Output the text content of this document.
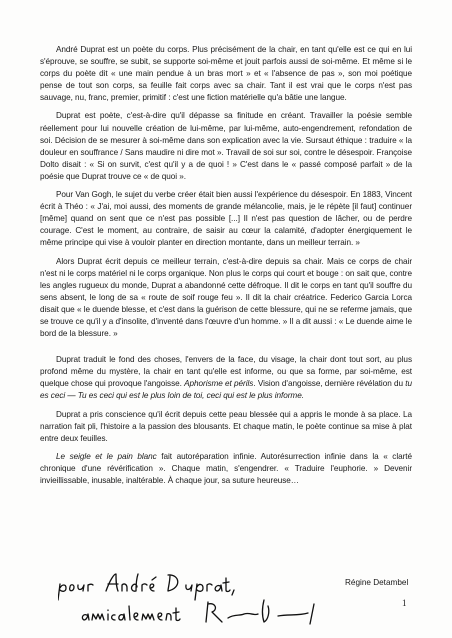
André Duprat est un poète du corps. Plus précisément de la chair, en tant qu'elle est ce qui en lui s'éprouve, se souffre, se subit, se supporte soi-même et jouit parfois aussi de soi-même. Et même si le corps du poète dit « une main pendue à un bras mort » et « l'absence de pas », son moi poétique pense de tout son corps, sa feuille fait corps avec sa chair. Tant il est vrai que le corps n'est pas sauvage, nu, franc, premier, primitif : c'est une fiction matérielle qu'a bâtie une langue.

Duprat est poète, c'est-à-dire qu'il dépasse sa finitude en créant. Travailler la poésie semble réellement pour lui nouvelle création de lui-même, par lui-même, auto-engendrement, refondation de soi. Décision de se mesurer à soi-même dans son explication avec la vie. Sursaut éthique : traduire « la douleur en souffrance / Sans maudire ni dire mot ». Travail de soi sur soi, contre le désespoir. Françoise Dolto disait : « Si on survit, c'est qu'il y a de quoi ! » C'est dans le « passé composé parfait » de la poésie que Duprat trouve ce « de quoi ».

Pour Van Gogh, le sujet du verbe créer était bien aussi l'expérience du désespoir. En 1883, Vincent écrit à Théo : « J'ai, moi aussi, des moments de grande mélancolie, mais, je le répète [il faut] continuer [même] quand on sent que ce n'est pas possible [...] Il n'est pas question de lâcher, ou de perdre courage. C'est le moment, au contraire, de saisir au cœur la calamité, d'adopter énergiquement le même principe qui vise à vouloir planter en direction montante, dans un meilleur terrain. »

Alors Duprat écrit depuis ce meilleur terrain, c'est-à-dire depuis sa chair. Mais ce corps de chair n'est ni le corps matériel ni le corps organique. Non plus le corps qui court et bouge : on sait que, contre les angles rugueux du monde, Duprat a abandonné cette défroque. Il dit le corps en tant qu'il souffre du sens absent, le long de sa « route de soif rouge feu ». Il dit la chair créatrice. Federico Garcia Lorca disait que « le duende blesse, et c'est dans la guérison de cette blessure, qui ne se referme jamais, que se trouve ce qu'il y a d'insolite, d'inventé dans l'œuvre d'un homme. » Il a dit aussi : « Le duende aime le bord de la blessure. »

Duprat traduit le fond des choses, l'envers de la face, du visage, la chair dont tout sort, au plus profond même du mystère, la chair en tant qu'elle est informe, ou que sa forme, par soi-même, est quelque chose qui provoque l'angoisse. Aphorisme et périls. Vision d'angoisse, dernière révélation du tu es ceci — Tu es ceci qui est le plus loin de toi, ceci qui est le plus informe.

Duprat a pris conscience qu'il écrit depuis cette peau blessée qui a appris le monde à sa place. La narration fait pli, l'histoire a la passion des blousants. Et chaque matin, le poète continue sa mise à plat entre deux feuilles.

Le seigle et le pain blanc fait autoréparation infinie. Autorésurrection infinie dans la « clarté chronique d'une révérification ». Chaque matin, s'engendrer. « Traduire l'euphorie. » Devenir invieillissable, inusable, inaltérable. À chaque jour, sa suture heureuse…

Régine Detambel
1
